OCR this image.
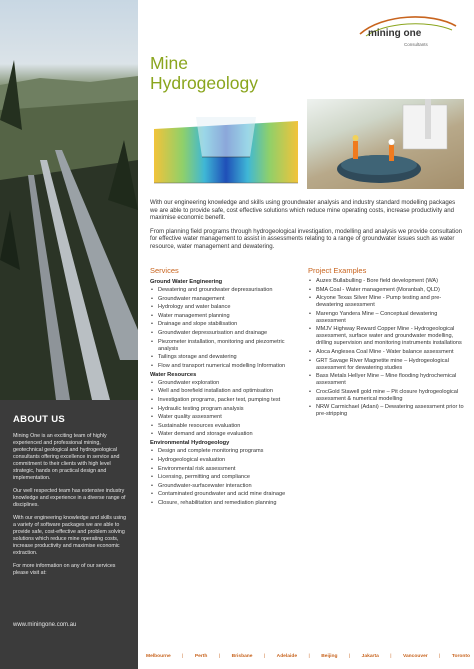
ABOUT US

Mining One is an exciting team of highly experienced and professional mining, geotechnical geological and hydrogeological consultants offering excellence in service and commitment to their clients with high level strategic, hands on practical design and implementation.

Our well respected team has extensive industry knowledge and experience in a diverse range of disciplines.

With our engineering knowledge and skills using a variety of software packages we are able to provide safe, cost-effective and problem solving solutions which reduce mine operating costs, increase productivity and maximise economic extraction.

For more information on any of our services please visit at:

www.miningone.com.au
mining one
Consultants
Mine
Hydrogeology

With our engineering knowledge and skills using groundwater analysis and industry standard modelling packages we are able to provide safe, cost effective solutions which reduce mine operating costs, increase productivity and maximise economic benefit.

From planning field programs through hydrogeological investigation, modelling and analysis we provide consultation for effective water management to assist in assessments relating to a range of groundwater issues such as water resource, water management and dewatering.

Services
Ground Water Engineering
• Dewatering and groundwater depressurisation
• Groundwater management
• Hydrology and water balance
• Water management planning
• Drainage and slope stabilisation
• Groundwater depressurisation and drainage
• Piezometer installation, monitoring and piezometric analysis
• Tailings storage and dewatering
• Flow and transport numerical modelling Information
Water Resources
• Groundwater exploration
• Well and borefield installation and optimisation
• Investigation programs, packer test, pumping test
• Hydraulic testing program analysis
• Water quality assessment
• Sustainable resources evaluation
• Water demand and storage evaluation
Environmental Hydrogeology
• Design and complete monitoring programs
• Hydrogeological evaluation
• Environmental risk assessment
• Licensing, permitting and compliance
• Groundwater-surfacewater interaction
• Contaminated groundwater and acid mine drainage
• Closure, rehabilitation and remediation planning
Project Examples
• Auzex Bullabulling - Bore field development (WA)
• BMA Coal - Water management (Moranbah, QLD)
• Alcyone Texas Silver Mine - Pump testing and pre-dewatering assessment
• Marengo Yandera Mine – Conceptual dewatering assessment
• MMJV Highway Reward Copper Mine - Hydrogeological assessment, surface water and groundwater modelling, drilling supervision and monitoring instruments installations
• Aloca Anglesea Coal Mine - Water balance assessment
• GRT Savage River Magnetite mine – Hydrogeological assessment for dewatering studies
• Bass Metals Hellyer Mine – Mine flooding hydrochemical assessment
• CrocGold Stawell gold mine – Pit closure hydrogeological assessment & numerical modelling
• NRW Carmichael (Adani) – Dewatering assessment prior to pre-stripping
Melbourne | Perth | Brisbane | Adelaide | Beijing | Jakarta | Vancouver | Toronto
